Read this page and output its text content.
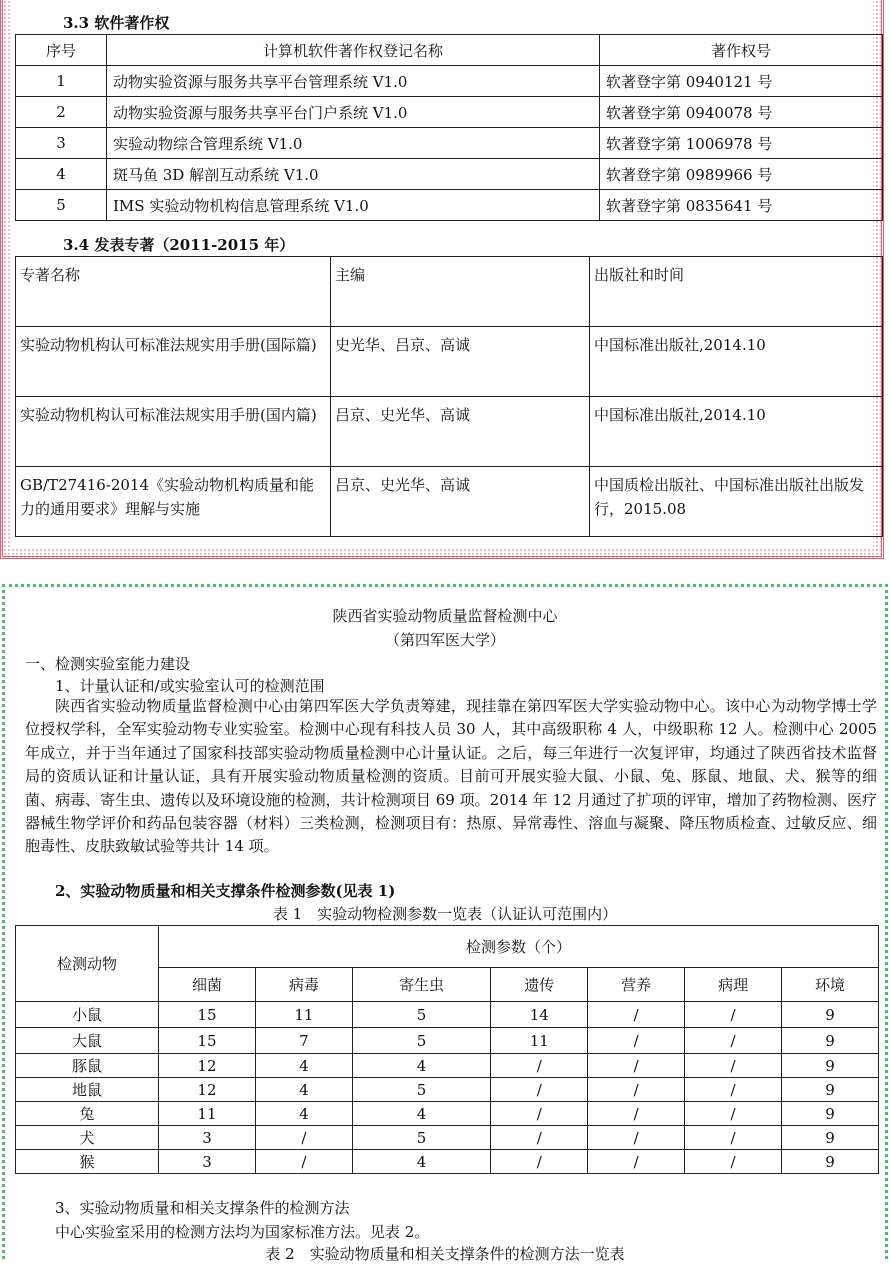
3.3 软件著作权
序号	计算机软件著作权登记名称	著作权号
1	动物实验资源与服务共享平台管理系统 V1.0	软著登字第 0940121 号
2	动物实验资源与服务共享平台门户系统 V1.0	软著登字第 0940078 号
3	实验动物综合管理系统 V1.0	软著登字第 1006978 号
4	斑马鱼 3D 解剖互动系统 V1.0	软著登字第 0989966 号
5	IMS 实验动物机构信息管理系统 V1.0	软著登字第 0835641 号
3.4 发表专著（2011-2015 年）
专著名称	主编	出版社和时间
实验动物机构认可标准法规实用手册(国际篇)	史光华、吕京、高诚	中国标准出版社,2014.10
实验动物机构认可标准法规实用手册(国内篇)	吕京、史光华、高诚	中国标准出版社,2014.10
GB/T27416-2014《实验动物机构质量和能力的通用要求》理解与实施	吕京、史光华、高诚	中国质检出版社、中国标准出版社出版发行，2015.08
陕西省实验动物质量监督检测中心
（第四军医大学）
一、检测实验室能力建设
1、计量认证和/或实验室认可的检测范围
陕西省实验动物质量监督检测中心由第四军医大学负责筹建，现挂靠在第四军医大学实验动物中心。该中心为动物学博士学位授权学科，全军实验动物专业实验室。检测中心现有科技人员 30 人，其中高级职称 4 人，中级职称 12 人。检测中心 2005 年成立，并于当年通过了国家科技部实验动物质量检测中心计量认证。之后，每三年进行一次复评审，均通过了陕西省技术监督局的资质认证和计量认证，具有开展实验动物质量检测的资质。目前可开展实验大鼠、小鼠、兔、豚鼠、地鼠、犬、猴等的细菌、病毒、寄生虫、遗传以及环境设施的检测，共计检测项目 69 项。2014 年 12 月通过了扩项的评审，增加了药物检测、医疗器械生物学评价和药品包装容器（材料）三类检测，检测项目有：热原、异常毒性、溶血与凝聚、降压物质检查、过敏反应、细胞毒性、皮肤致敏试验等共计 14 项。
2、实验动物质量和相关支撑条件检测参数(见表 1)
表 1　实验动物检测参数一览表（认证认可范围内）
检测动物	检测参数（个）						
	细菌	病毒	寄生虫	遗传	营养	病理	环境
小鼠	15	11	5	14	/	/	9
大鼠	15	7	5	11	/	/	9
豚鼠	12	4	4	/	/	/	9
地鼠	12	4	5	/	/	/	9
兔	11	4	4	/	/	/	9
犬	3	/	5	/	/	/	9
猴	3	/	4	/	/	/	9
3、实验动物质量和相关支撑条件的检测方法
中心实验室采用的检测方法均为国家标准方法。见表 2。
表 2　实验动物质量和相关支撑条件的检测方法一览表
